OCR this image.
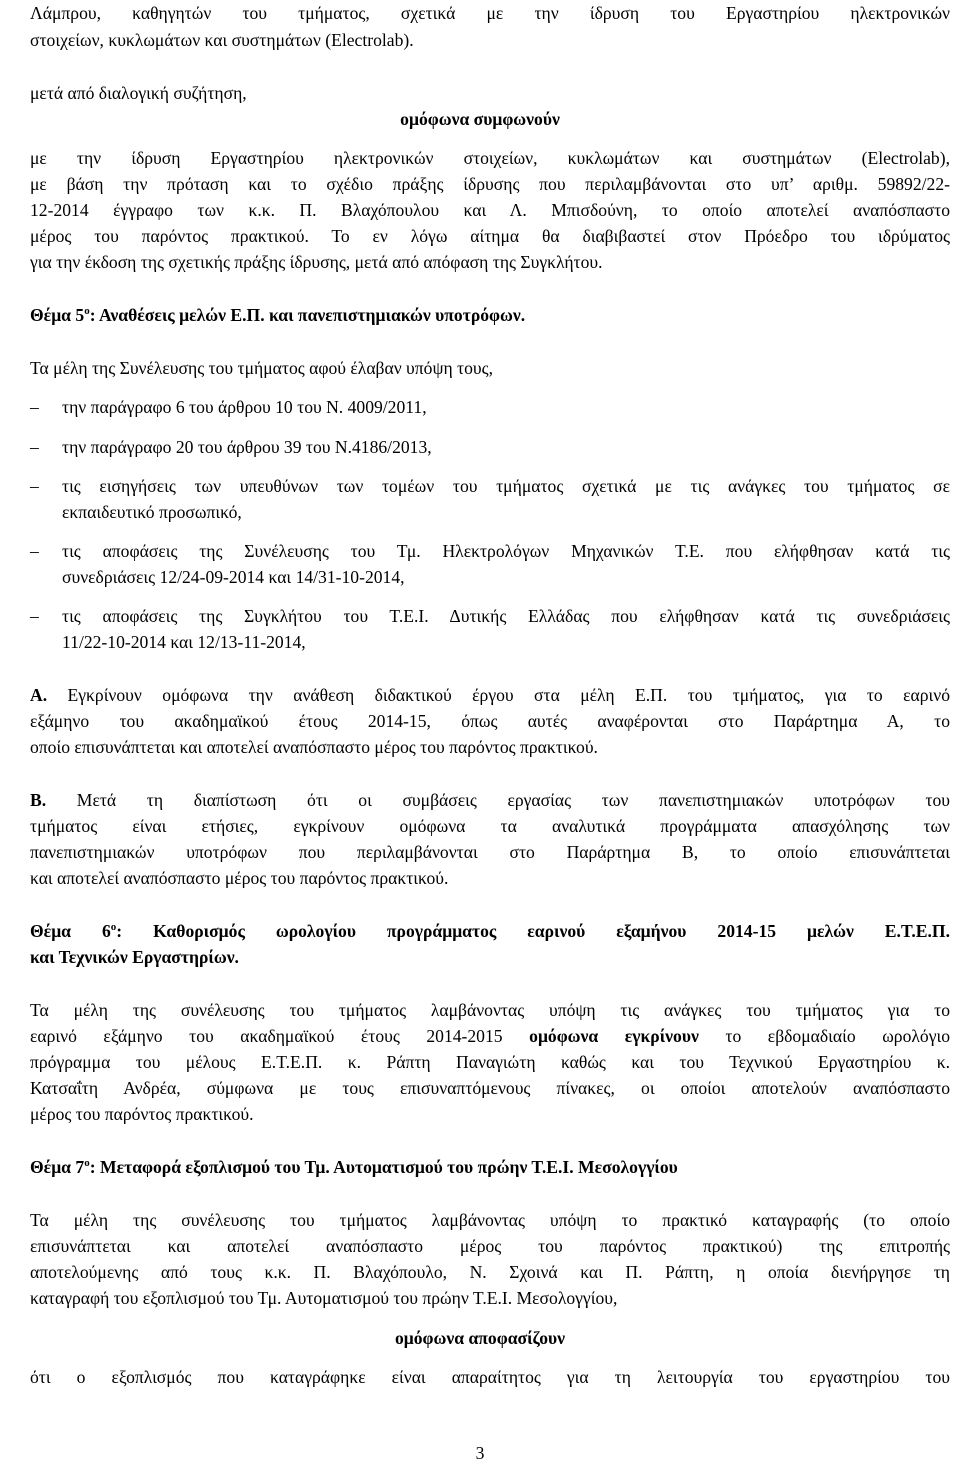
Λάμπρου, καθηγητών του τμήματος, σχετικά με την ίδρυση του Εργαστηρίου ηλεκτρονικών
στοιχείων, κυκλωμάτων και συστημάτων (Electrolab).
μετά από διαλογική συζήτηση,
ομόφωνα συμφωνούν
με την ίδρυση Εργαστηρίου ηλεκτρονικών στοιχείων, κυκλωμάτων και συστημάτων (Electrolab),
με βάση την πρόταση και το σχέδιο πράξης ίδρυσης που περιλαμβάνονται στο υπ’ αριθμ. 59892/22-
12-2014 έγγραφο των κ.κ. Π. Βλαχόπουλου και Λ. Μπισδούνη, το οποίο αποτελεί αναπόσπαστο
μέρος του παρόντος πρακτικού. Το εν λόγω αίτημα θα διαβιβαστεί στον Πρόεδρο του ιδρύματος
για την έκδοση της σχετικής πράξης ίδρυσης, μετά από απόφαση της Συγκλήτου.
Θέμα $5^o$: Αναθέσεις μελών Ε.Π. και πανεπιστημιακών υποτρόφων.
Τα μέλη της Συνέλευσης του τμήματος αφού έλαβαν υπόψη τους,
–	την παράγραφο 6 του άρθρου 10 του Ν. 4009/2011,
–	την παράγραφο 20 του άρθρου 39 του Ν.4186/2013,
–	τις εισηγήσεις των υπευθύνων των τομέων του τμήματος σχετικά με τις ανάγκες του τμήματος σε
εκπαιδευτικό προσωπικό,
–	τις αποφάσεις της Συνέλευσης του Τμ. Ηλεκτρολόγων Μηχανικών Τ.Ε. που ελήφθησαν κατά τις
συνεδριάσεις 12/24-09-2014 και 14/31-10-2014,
–	τις αποφάσεις της Συγκλήτου του Τ.Ε.Ι. Δυτικής Ελλάδας που ελήφθησαν κατά τις συνεδριάσεις
11/22-10-2014 και 12/13-11-2014,
Α. Εγκρίνουν ομόφωνα την ανάθεση διδακτικού έργου στα μέλη Ε.Π. του τμήματος, για το εαρινό
εξάμηνο του ακαδημαϊκού έτους 2014-15, όπως αυτές αναφέρονται στο Παράρτημα Α, το
οποίο επισυνάπτεται και αποτελεί αναπόσπαστο μέρος του παρόντος πρακτικού.
Β. Μετά τη διαπίστωση ότι οι συμβάσεις εργασίας των πανεπιστημιακών υποτρόφων του
τμήματος είναι ετήσιες, εγκρίνουν ομόφωνα τα αναλυτικά προγράμματα απασχόλησης των
πανεπιστημιακών υποτρόφων που περιλαμβάνονται στο Παράρτημα Β, το οποίο επισυνάπτεται
και αποτελεί αναπόσπαστο μέρος του παρόντος πρακτικού.
Θέμα $6^o$: Καθορισμός ωρολογίου προγράμματος εαρινού εξαμήνου 2014-15 μελών Ε.Τ.Ε.Π.
και Τεχνικών Εργαστηρίων.
Τα μέλη της συνέλευσης του τμήματος λαμβάνοντας υπόψη τις ανάγκες του τμήματος για το
εαρινό εξάμηνο του ακαδημαϊκού έτους 2014-2015 ομόφωνα εγκρίνουν το εβδομαδιαίο ωρολόγιο
πρόγραμμα του μέλους Ε.Τ.Ε.Π. κ. Ράπτη Παναγιώτη καθώς και του Τεχνικού Εργαστηρίου κ.
Κατσαΐτη Ανδρέα, σύμφωνα με τους επισυναπτόμενους πίνακες, οι οποίοι αποτελούν αναπόσπαστο
μέρος του παρόντος πρακτικού.
Θέμα $7^o$: Μεταφορά εξοπλισμού του Τμ. Αυτοματισμού του πρώην Τ.Ε.Ι. Μεσολογγίου
Τα μέλη της συνέλευσης του τμήματος λαμβάνοντας υπόψη το πρακτικό καταγραφής (το οποίο
επισυνάπτεται και αποτελεί αναπόσπαστο μέρος του παρόντος πρακτικού) της επιτροπής
αποτελούμενης από τους κ.κ. Π. Βλαχόπουλο, Ν. Σχοινά και Π. Ράπτη, η οποία διενήργησε τη
καταγραφή του εξοπλισμού του Τμ. Αυτοματισμού του πρώην Τ.Ε.Ι. Μεσολογγίου,
ομόφωνα αποφασίζουν
ότι ο εξοπλισμός που καταγράφηκε είναι απαραίτητος για τη λειτουργία του εργαστηρίου του
3
